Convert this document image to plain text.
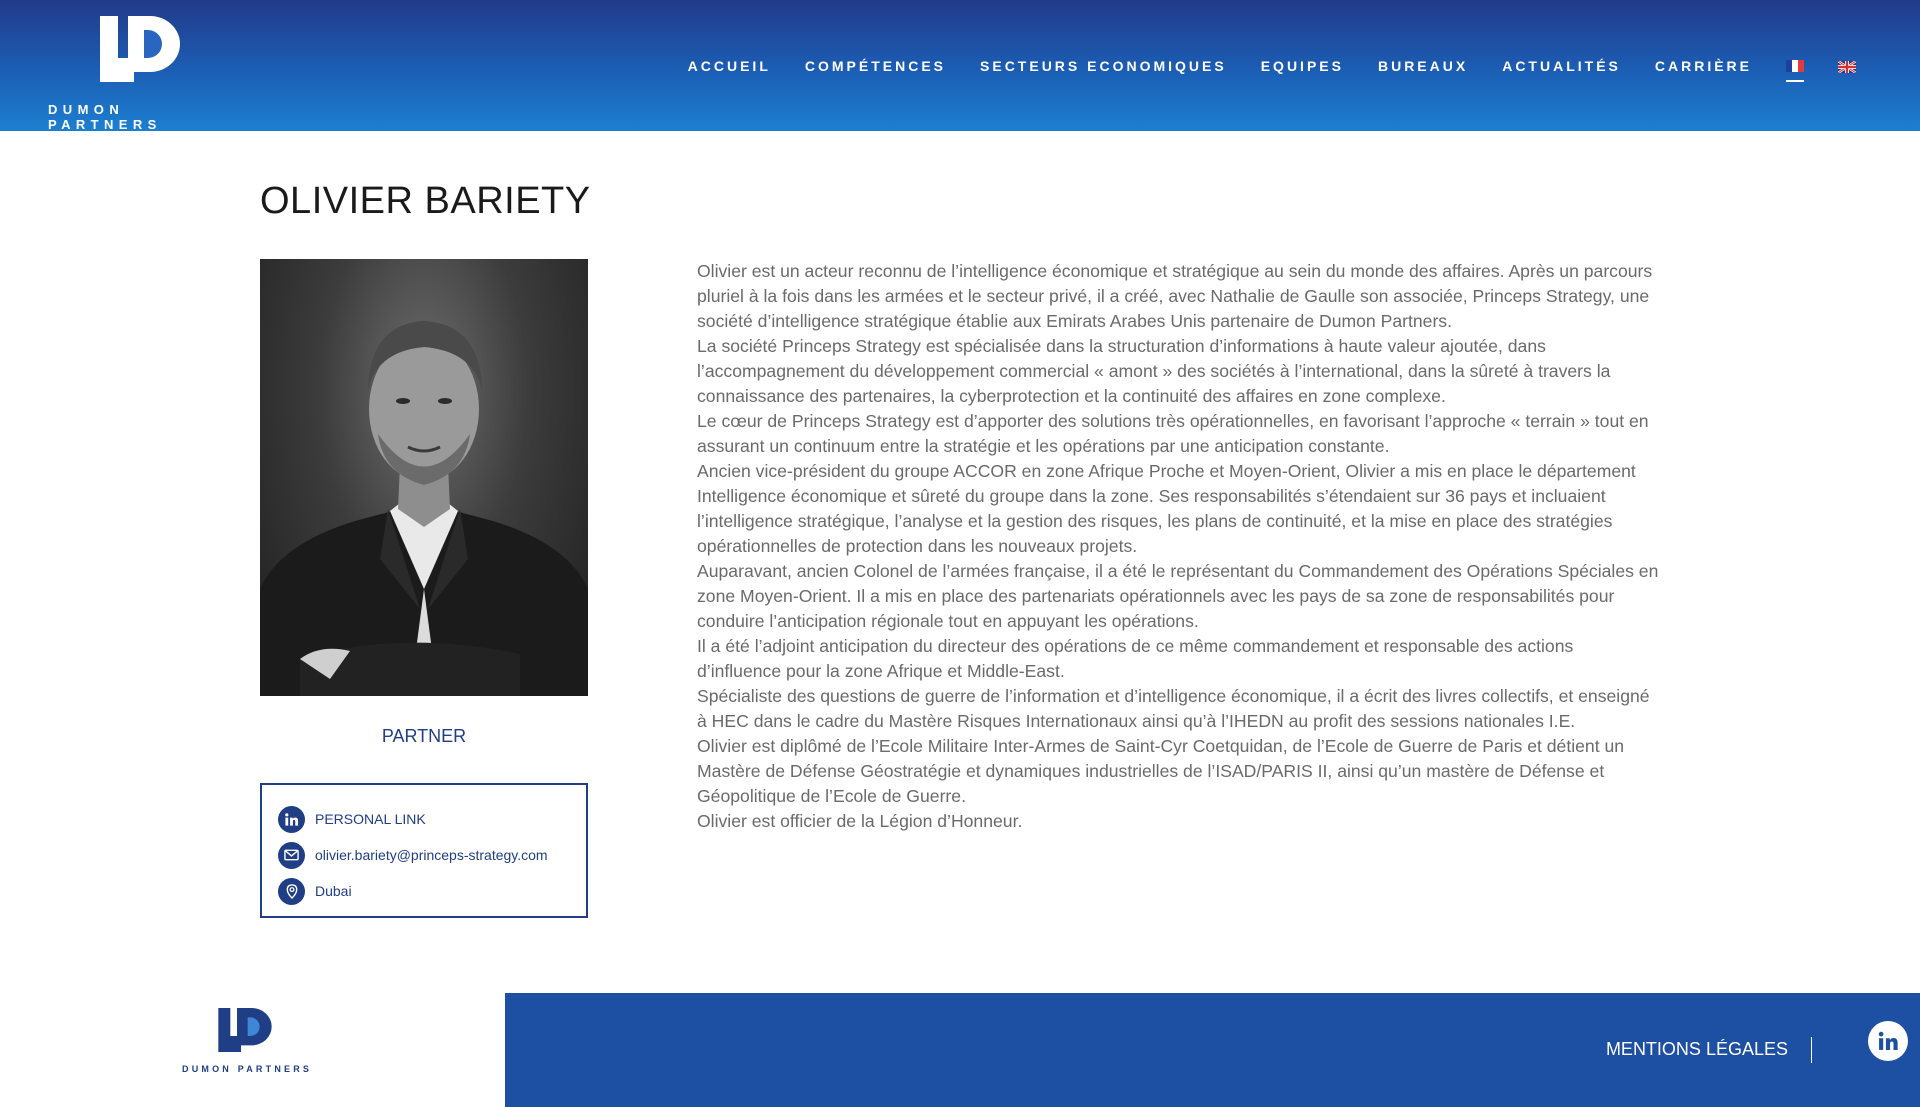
DUMON PARTNERS
ACCUEIL COMPÉTENCES SECTEURS ECONOMIQUES EQUIPES BUREAUX ACTUALITÉS CARRIÈRE
OLIVIER BARIETY
PARTNER
PERSONAL LINK
olivier.bariety@princeps-strategy.com
Dubai

Olivier est un acteur reconnu de l’intelligence économique et stratégique au sein du monde des affaires. Après un parcours pluriel à la fois dans les armées et le secteur privé, il a créé, avec Nathalie de Gaulle son associée, Princeps Strategy, une société d’intelligence stratégique établie aux Emirats Arabes Unis partenaire de Dumon Partners.

La société Princeps Strategy est spécialisée dans la structuration d’informations à haute valeur ajoutée, dans l’accompagnement du développement commercial « amont » des sociétés à l’international, dans la sûreté à travers la connaissance des partenaires, la cyberprotection et la continuité des affaires en zone complexe.

Le cœur de Princeps Strategy est d’apporter des solutions très opérationnelles, en favorisant l’approche « terrain » tout en assurant un continuum entre la stratégie et les opérations par une anticipation constante.

Ancien vice-président du groupe ACCOR en zone Afrique Proche et Moyen-Orient, Olivier a mis en place le département Intelligence économique et sûreté du groupe dans la zone. Ses responsabilités s’étendaient sur 36 pays et incluaient l’intelligence stratégique, l’analyse et la gestion des risques, les plans de continuité, et la mise en place des stratégies opérationnelles de protection dans les nouveaux projets.

Auparavant, ancien Colonel de l’armées française, il a été le représentant du Commandement des Opérations Spéciales en zone Moyen-Orient. Il a mis en place des partenariats opérationnels avec les pays de sa zone de responsabilités pour conduire l’anticipation régionale tout en appuyant les opérations.

Il a été l’adjoint anticipation du directeur des opérations de ce même commandement et responsable des actions d’influence pour la zone Afrique et Middle-East.

Spécialiste des questions de guerre de l’information et d’intelligence économique, il a écrit des livres collectifs, et enseigné à HEC dans le cadre du Mastère Risques Internationaux ainsi qu’à l’IHEDN au profit des sessions nationales I.E.

Olivier est diplômé de l’Ecole Militaire Inter-Armes de Saint-Cyr Coetquidan, de l’Ecole de Guerre de Paris et détient un Mastère de Défense Géostratégie et dynamiques industrielles de l’ISAD/PARIS II, ainsi qu’un mastère de Défense et Géopolitique de l’Ecole de Guerre.

Olivier est officier de la Légion d’Honneur.

DUMON PARTNERS
MENTIONS LÉGALES
